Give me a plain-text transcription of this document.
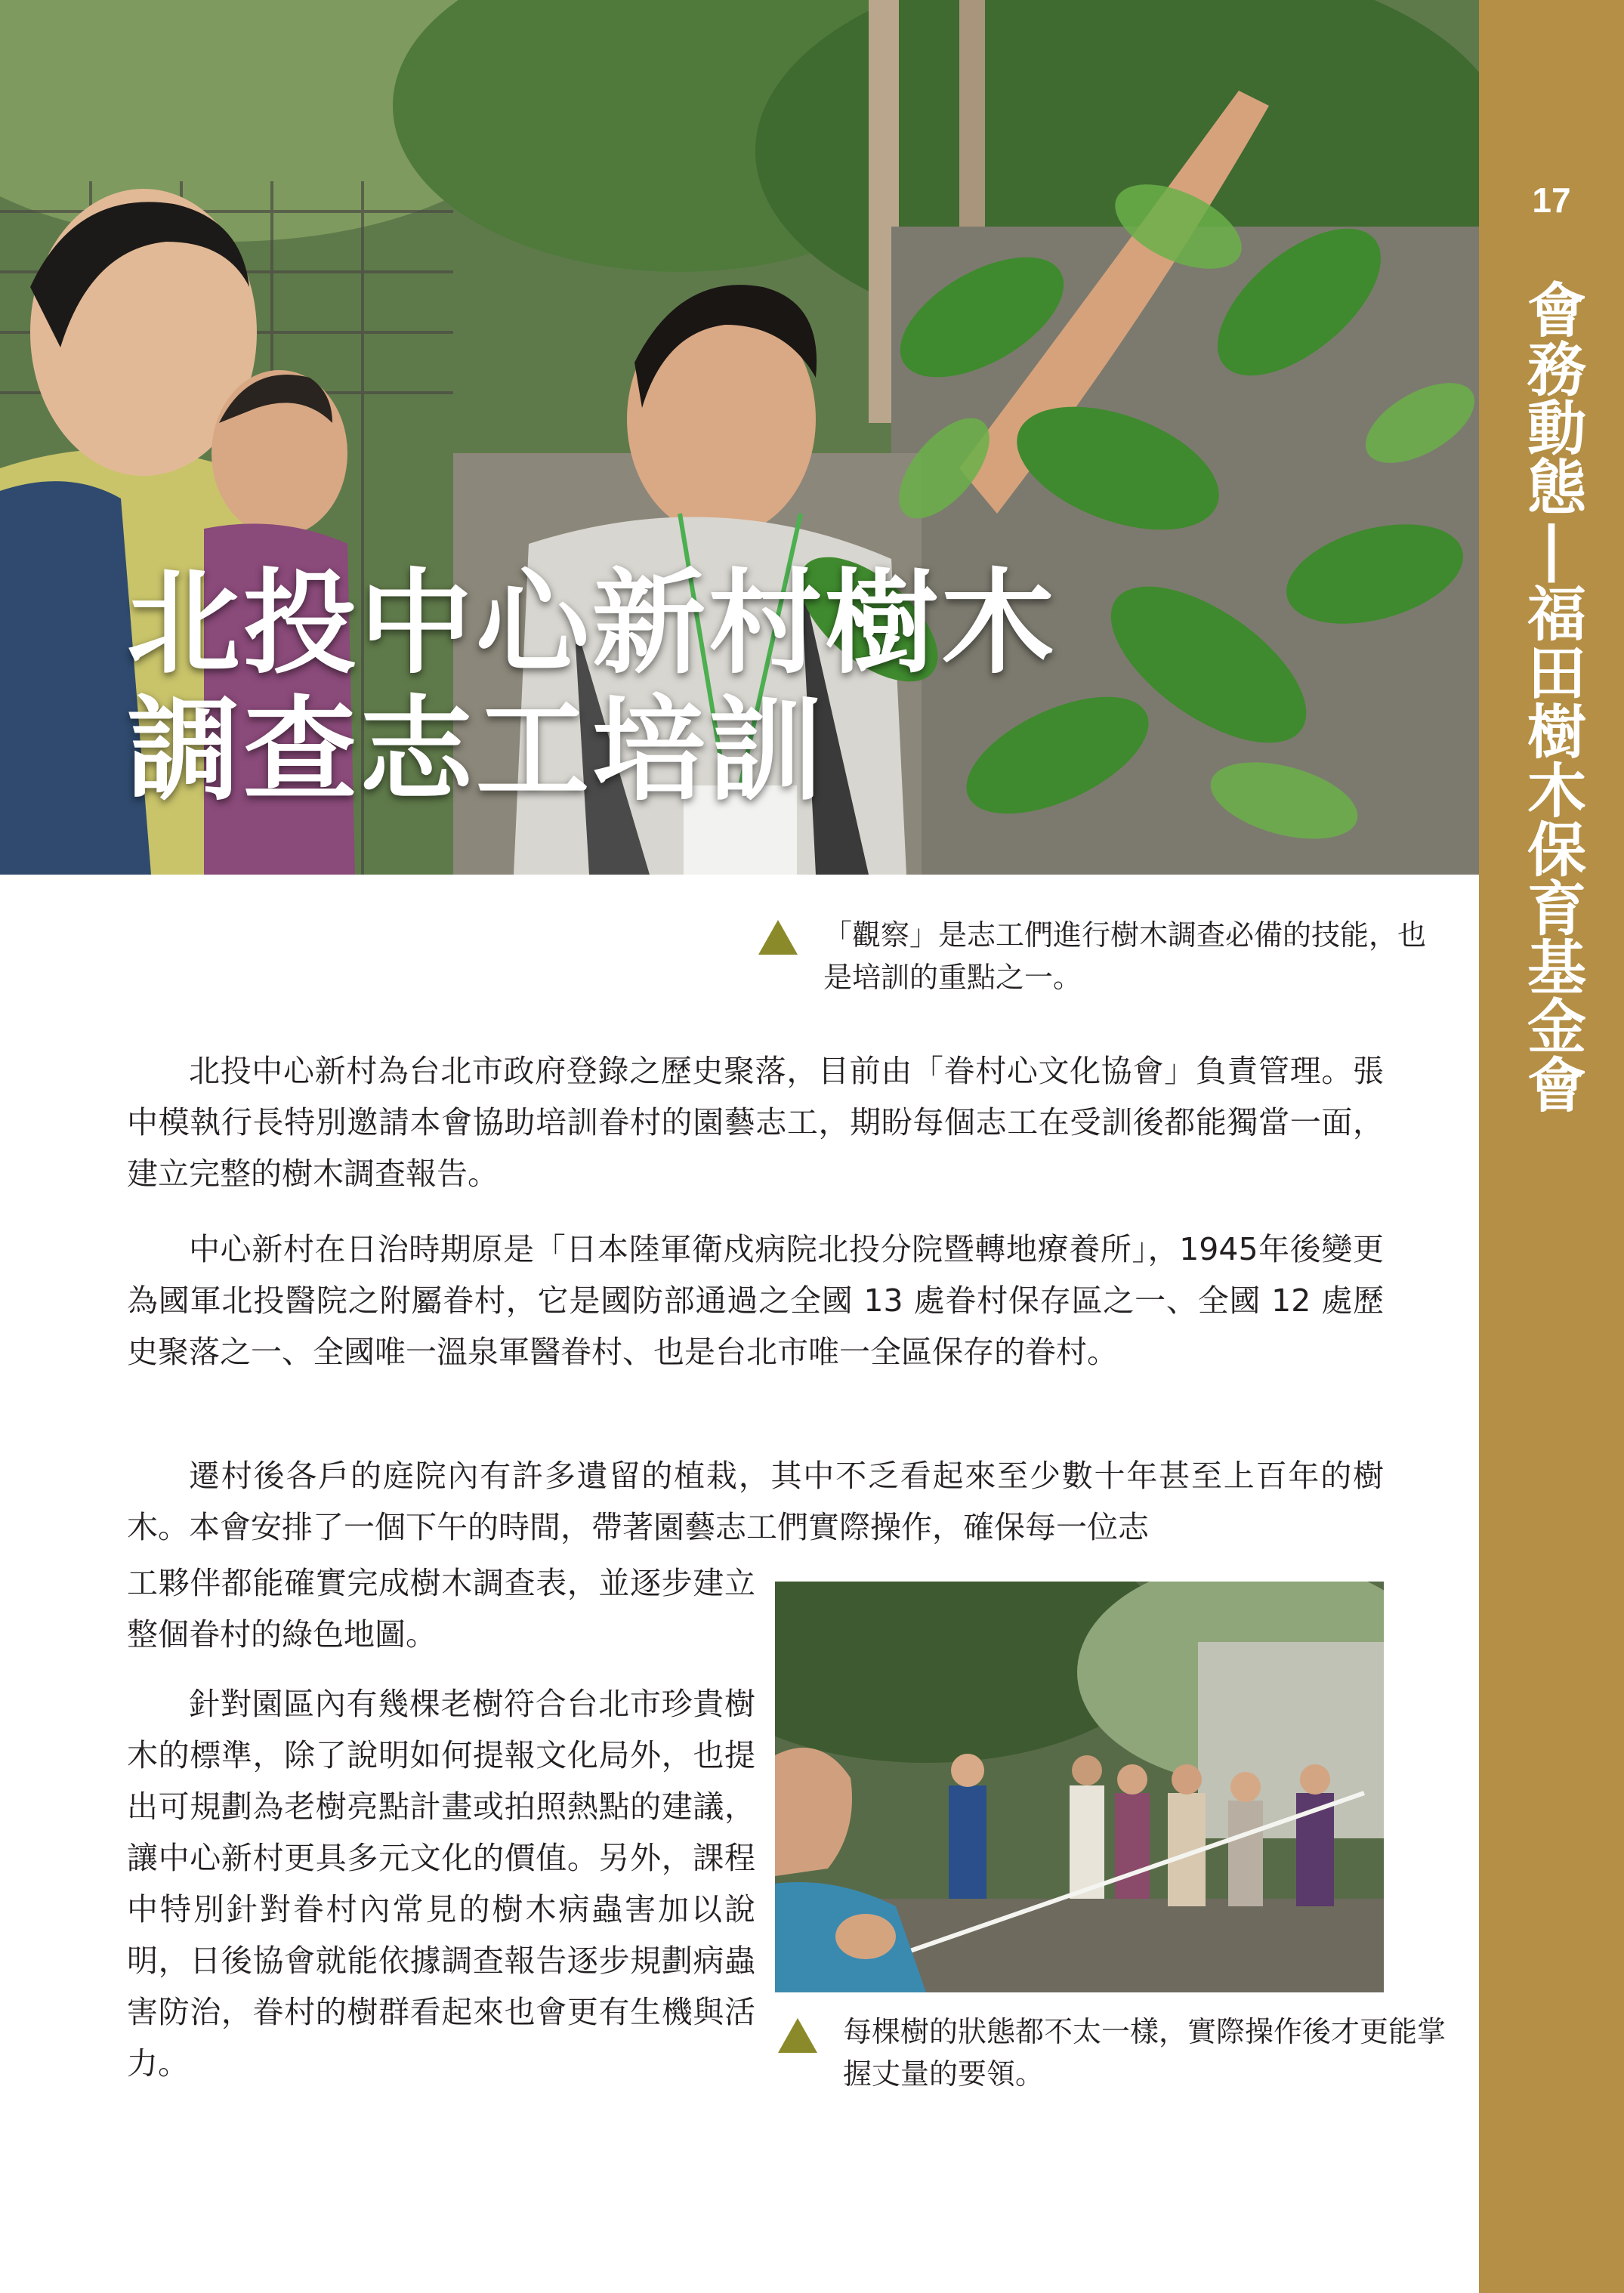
北投中心新村樹木
調查志工培訓
17
會務動態|福田樹木保育基金會
「觀察」是志工們進行樹木調查必備的技能，也是培訓的重點之一。

北投中心新村為台北市政府登錄之歷史聚落，目前由「眷村心文化協會」負責管理。張中模執行長特別邀請本會協助培訓眷村的園藝志工，期盼每個志工在受訓後都能獨當一面，建立完整的樹木調查報告。

中心新村在日治時期原是「日本陸軍衛戍病院北投分院暨轉地療養所」，1945年後變更為國軍北投醫院之附屬眷村，它是國防部通過之全國 13 處眷村保存區之一、全國 12 處歷史聚落之一、全國唯一溫泉軍醫眷村、也是台北市唯一全區保存的眷村。

遷村後各戶的庭院內有許多遺留的植栽，其中不乏看起來至少數十年甚至上百年的樹木。本會安排了一個下午的時間，帶著園藝志工們實際操作，確保每一位志

工夥伴都能確實完成樹木調查表，並逐步建立整個眷村的綠色地圖。

針對園區內有幾棵老樹符合台北市珍貴樹木的標準，除了說明如何提報文化局外，也提出可規劃為老樹亮點計畫或拍照熱點的建議，讓中心新村更具多元文化的價值。另外，課程中特別針對眷村內常見的樹木病蟲害加以說明，日後協會就能依據調查報告逐步規劃病蟲害防治，眷村的樹群看起來也會更有生機與活力。

每棵樹的狀態都不太一樣，實際操作後才更能掌握丈量的要領。
